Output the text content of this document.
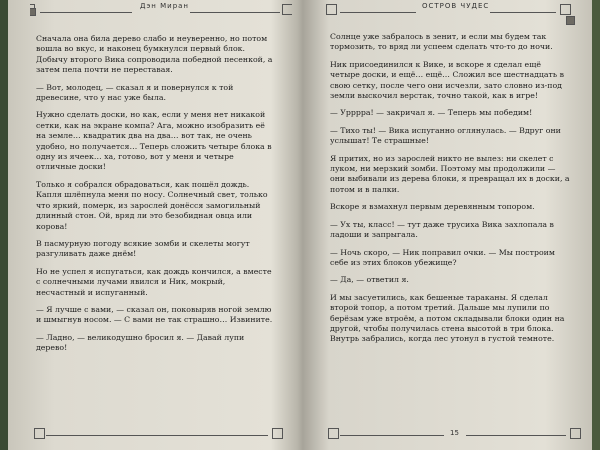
Дэн Миран

Сначала она била дерево слабо и неуверенно, но потом вошла во вкус, и наконец бумкнулся первый блок. Добычу второго Вика сопроводила победной песенкой, а затем пела почти не переставая.

— Вот, молодец, — сказал я и повернулся к той древесине, что у нас уже была.

Нужно сделать доски, но как, если у меня нет никакой сетки, как на экране компа? Ага, можно изобразить её на земле… квадратик два на два… вот так, не очень удобно, но получается… Теперь сложить четыре блока в одну из ячеек… ха, готово, вот у меня и четыре отличные доски!

Только я собрался обрадоваться, как пошёл дождь. Капля шлёпнула меня по носу. Солнечный свет, только что яркий, померк, из зарослей донёсся замогильный длинный стон. Ой, вряд ли это безобидная овца или корова!

В пасмурную погоду всякие зомби и скелеты могут разгуливать даже днём!

Но не успел я испугаться, как дождь кончился, а вместе с солнечными лучами явился и Ник, мокрый, несчастный и испуганный.

— Я лучше с вами, — сказал он, поковыряв ногой землю и шмыгнув носом. — С вами не так страшно… Извините.

— Ладно, — великодушно бросил я. — Давай лупи дерево!

ОСТРОВ ЧУДЕС

Солнце уже забралось в зенит, и если мы будем так тормозить, то вряд ли успеем сделать что-то до ночи.

Ник присоединился к Вике, и вскоре я сделал ещё четыре доски, и ещё… ещё… Сложил все шестнадцать в свою сетку, после чего они исчезли, зато словно из-под земли выскочил верстак, точно такой, как в игре!

— Урррра! — закричал я. — Теперь мы победим!

— Тихо ты! — Вика испуганно оглянулась. — Вдруг они услышат! Те страшные!

Я притих, но из зарослей никто не вылез: ни скелет с луком, ни мерзкий зомби. Поэтому мы продолжили — они выбивали из дерева блоки, я превращал их в доски, а потом и в палки.

Вскоре я взмахнул первым деревянным топором.

— Ух ты, класс! — тут даже трусиха Вика захлопала в ладоши и запрыгала.

— Ночь скоро, — Ник поправил очки. — Мы построим себе из этих блоков убежище?

— Да, — ответил я.

И мы засуетились, как бешеные тараканы. Я сделал второй топор, а потом третий. Дальше мы лупили по берёзам уже втроём, а потом складывали блоки один на другой, чтобы получилась стена высотой в три блока. Внутрь забрались, когда лес утонул в густой темноте.

15
